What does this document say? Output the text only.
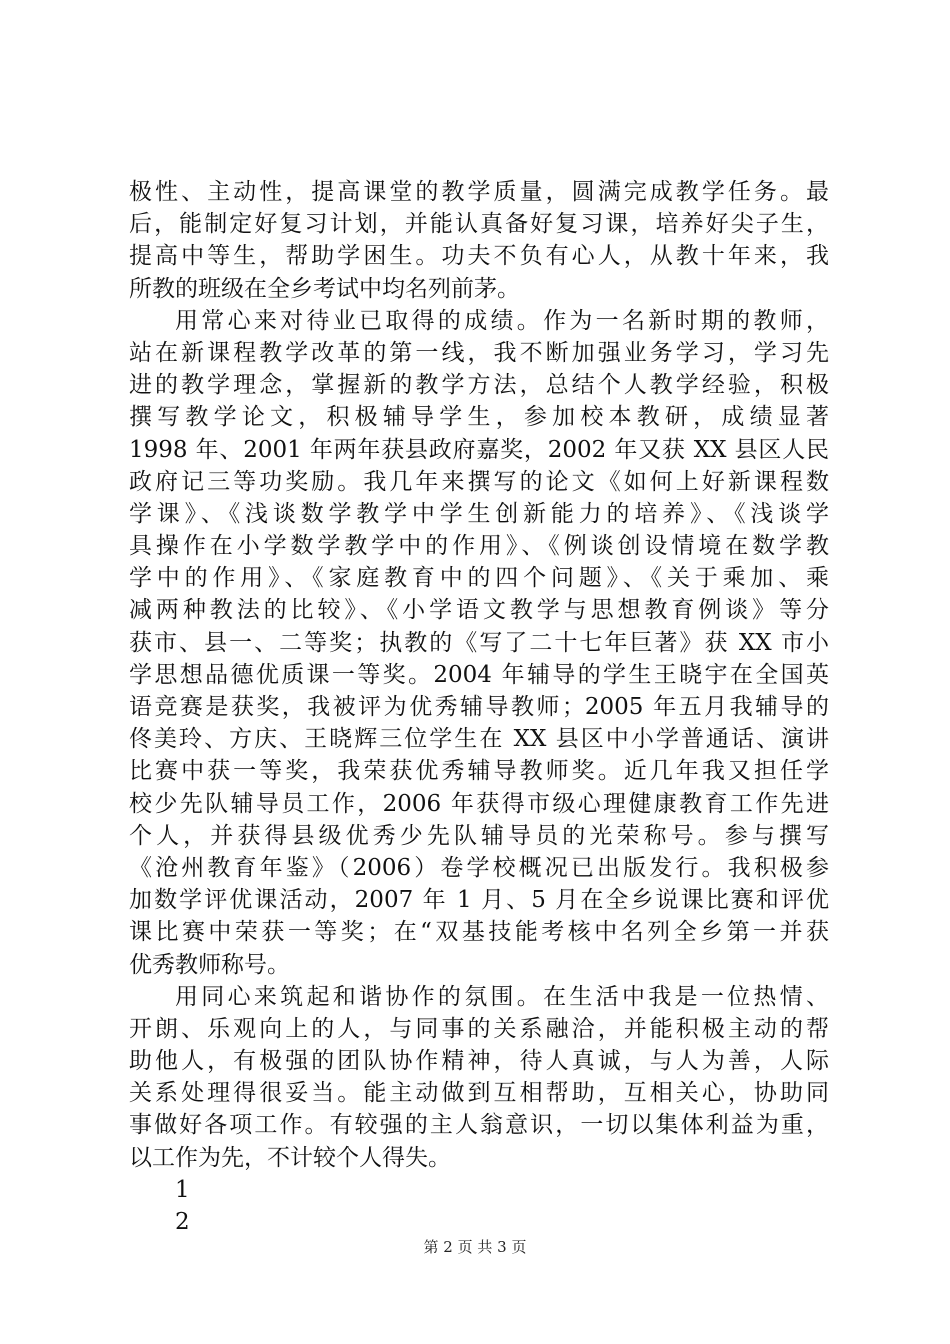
极性、主动性，提高课堂的教学质量，圆满完成教学任务。最
后，能制定好复习计划，并能认真备好复习课，培养好尖子生，
提高中等生，帮助学困生。功夫不负有心人，从教十年来，我
所教的班级在全乡考试中均名列前茅。
用常心来对待业已取得的成绩。作为一名新时期的教师，
站在新课程教学改革的第一线，我不断加强业务学习，学习先
进的教学理念，掌握新的教学方法，总结个人教学经验，积极
撰写教学论文，积极辅导学生，参加校本教研，成绩显著
1998 年、2001 年两年获县政府嘉奖，2002 年又获 XX 县区人民
政府记三等功奖励。我几年来撰写的论文《如何上好新课程数
学课》、《浅谈数学教学中学生创新能力的培养》、《浅谈学
具操作在小学数学教学中的作用》、《例谈创设情境在数学教
学中的作用》、《家庭教育中的四个问题》、《关于乘加、乘
减两种教法的比较》、《小学语文教学与思想教育例谈》等分
获市、县一、二等奖；执教的《写了二十七年巨著》获 XX 市小
学思想品德优质课一等奖。2004 年辅导的学生王晓宇在全国英
语竞赛是获奖，我被评为优秀辅导教师；2005 年五月我辅导的
佟美玲、方庆、王晓辉三位学生在 XX 县区中小学普通话、演讲
比赛中获一等奖，我荣获优秀辅导教师奖。近几年我又担任学
校少先队辅导员工作，2006 年获得市级心理健康教育工作先进
个人，并获得县级优秀少先队辅导员的光荣称号。参与撰写
《沧州教育年鉴》（2006）卷学校概况已出版发行。我积极参
加数学评优课活动，2007 年 1 月、5 月在全乡说课比赛和评优
课比赛中荣获一等奖；在“双基技能考核中名列全乡第一并获
优秀教师称号。
用同心来筑起和谐协作的氛围。在生活中我是一位热情、
开朗、乐观向上的人，与同事的关系融洽，并能积极主动的帮
助他人，有极强的团队协作精神，待人真诚，与人为善，人际
关系处理得很妥当。能主动做到互相帮助，互相关心，协助同
事做好各项工作。有较强的主人翁意识，一切以集体利益为重，
以工作为先，不计较个人得失。
1
2
第 2 页 共 3 页
